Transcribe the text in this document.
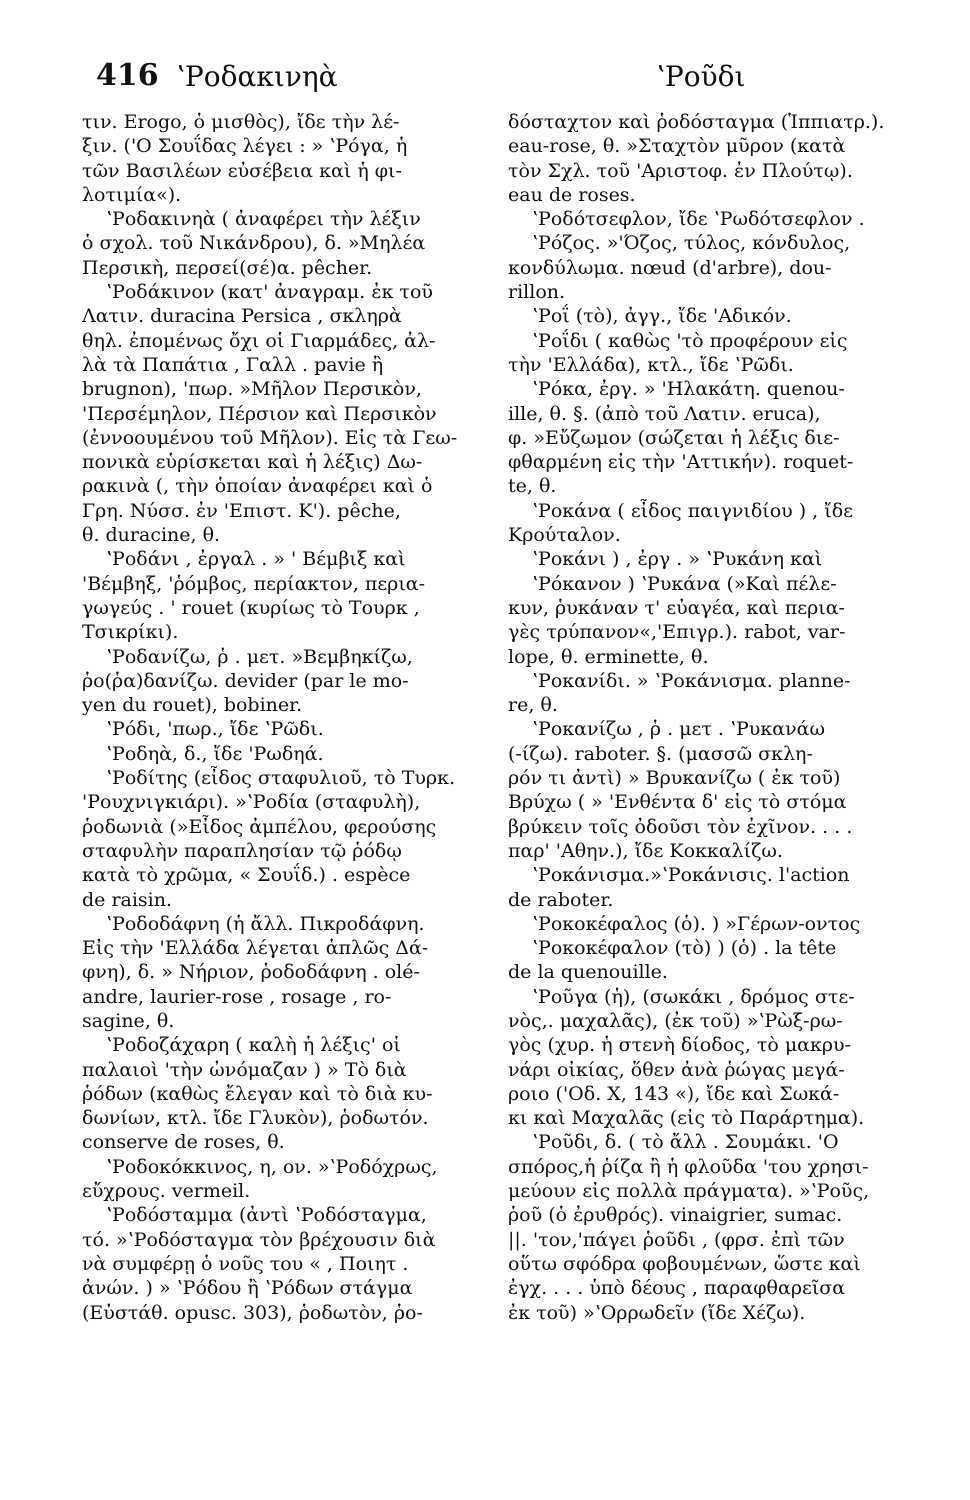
416 ʽΡοδακινηὰ	ʽΡοῦδι
τιν. Erogo, ὁ μισθὸς), ἴδε τὴν λέ-
ξιν. ('Ο Σουΐδας λέγει : » ʽΡόγα, ἡ
τῶν Βασιλέων εὐσέβεια καὶ ἡ φι-
λοτιμία«).
ʽΡοδακινηὰ ( ἀναφέρει τὴν λέξιν
ὁ σχολ. τοῦ Νικάνδρου), δ. »Μηλέα
Περσικὴ, περσεί(σέ)α. pêcher.
ʽΡοδάκινον (κατ' ἀναγραμ. ἐκ τοῦ
Λατιν. duracina Persica , σκληρὰ
θηλ. ἐπομένως ὄχι οἱ Γιαρμάδες, ἀλ-
λὰ τὰ Παπάτια , Γαλλ . pavie ἢ
brugnon), 'πωρ. »Μῆλον Περσικὸν,
'Περσέμηλον, Πέρσιον καὶ Περσικὸν
(ἐννοουμένου τοῦ Μῆλον). Εἰς τὰ Γεω-
πονικὰ εὑρίσκεται καὶ ἡ λέξις) Δω-
ρακινὰ (, τὴν ὁποίαν ἀναφέρει καὶ ὁ
Γρη. Νύσσ. ἐν 'Επιστ. Κ'). pêche,
θ. duracine, θ.
ʽΡοδάνι , ἐργαλ . » ' Βέμβιξ καὶ
'Βέμβηξ, 'ῥόμβος, περίακτον, περια-
γωγεύς . ' rouet (κυρίως τὸ Τουρκ ,
Τσικρίκι).
ʽΡοδανίζω, ῥ . μετ. »Βεμβηκίζω,
ῥο(ῥα)δανίζω. devider (par le mo-
yen du rouet), bobiner.
ʽΡόδι, 'πωρ., ἴδε ʽΡῶδι.
ʽΡοδηὰ, δ., ἴδε 'Ρωδηά.
ʽΡοδίτης (εἶδος σταφυλιοῦ, τὸ Τυρκ.
'Ρουχνιγκιάρι). »ʽΡοδία (σταφυλὴ),
ῥοδωνιὰ (»Εἶδος ἀμπέλου, φερούσης
σταφυλὴν παραπλησίαν τῷ ῥόδῳ
κατὰ τὸ χρῶμα, « Σουΐδ.) . espèce
de raisin.
ʽΡοδοδάφνη (ἡ ἄλλ. Πικροδάφνη.
Εἰς τὴν 'Ελλάδα λέγεται ἁπλῶς Δά-
φνη), δ. » Νήριον, ῥοδοδάφνη . olé-
andre, laurier-rose , rosage , ro-
sagine, θ.
ʽΡοδοζάχαρη ( καλὴ ἡ λέξις' οἱ
παλαιοὶ 'τὴν ὠνόμαζαν ) » Τὸ διὰ
ῥόδων (καθὼς ἔλεγαν καὶ τὸ διὰ κυ-
δωνίων, κτλ. ἴδε Γλυκὸν), ῥοδωτόν.
conserve de roses, θ.
ʽΡοδοκόκκινος, η, ον. »ʽΡοδόχρως,
εὔχρους. vermeil.
ʽΡοδόσταμμα (ἀντὶ ʽΡοδόσταγμα,
τό. »ʽΡοδόσταγμα τὸν βρέχουσιν διὰ
νὰ συμφέρῃ ὁ νοῦς του « , Ποιητ .
ἀνών. ) » ʽΡόδου ἢ ʽΡόδων στάγμα
(Εὐστάθ. opusc. 303), ῥοδωτὸν, ῥο-
δόσταχτον καὶ ῥοδόσταγμα (Ἱππιατρ.).
eau-rose, θ. »Σταχτὸν μῦρον (κατὰ
τὸν Σχλ. τοῦ 'Αριστοφ. ἐν Πλούτῳ).
eau de roses.
ʽΡοδότσεφλον, ἴδε ʽΡωδότσεφλον .
ʽΡόζος. »'Όζος, τύλος, κόνδυλος,
κονδύλωμα. nœud (d'arbre), dou-
rillon.
ʽΡοΐ (τὸ), ἀγγ., ἴδε 'Αδικόν.
ʽΡοΐδι ( καθὼς 'τὸ προφέρουν εἰς
τὴν 'Ελλάδα), κτλ., ἴδε ʽΡῶδι.
ʽΡόκα, ἐργ. » 'Ηλακάτη. quenou-
ille, θ. §. (ἀπὸ τοῦ Λατιν. eruca),
φ. »Εὔζωμον (σώζεται ἡ λέξις διε-
φθαρμένη εἰς τὴν 'Αττικήν). roquet-
te, θ.
ʽΡοκάνα ( εἶδος παιγνιδίου ) , ἴδε
Κρούταλον.
ʽΡοκάνι ) , ἐργ . » ʽΡυκάνη καὶ
ʽΡόκανον ) ʽΡυκάνα (»Καὶ πέλε-
κυν, ῥυκάναν τ' εὐαγέα, καὶ περια-
γὲς τρύπανον«,'Επιγρ.). rabot, var-
lope, θ. erminette, θ.
ʽΡοκανίδι. » ʽΡοκάνισμα. planne-
re, θ.
ʽΡοκανίζω , ῥ . μετ . ʽΡυκανάω
(-ίζω). raboter. §. (μασσῶ σκλη-
ρόν τι ἀντὶ) » Βρυκανίζω ( ἐκ τοῦ)
Βρύχω ( » 'Ενθέντα δ' εἰς τὸ στόμα
βρύκειν τοῖς ὀδοῦσι τὸν ἐχῖνον. . . .
παρ' 'Αθην.), ἴδε Κοκκαλίζω.
ʽΡοκάνισμα.»ʽΡοκάνισις. l'action
de raboter.
ʽΡοκοκέφαλος (ὁ). ) »Γέρων-οντος
ʽΡοκοκέφαλον (τὸ) ) (ὁ) . la tête
de la quenouille.
ʽΡοῦγα (ἡ), (σωκάκι , δρόμος στε-
νὸς,. μαχαλᾶς), (ἐκ τοῦ) »ʽΡὼξ-ρω-
γὸς (χυρ. ἡ στενὴ δίοδος, τὸ μακρυ-
νάρι οἰκίας, ὅθεν ἀνὰ ῥώγας μεγά-
ροιο ('Οδ. Χ, 143 «), ἴδε καὶ Σωκά-
κι καὶ Μαχαλᾶς (εἰς τὸ Παράρτημα).
ʽΡοῦδι, δ. ( τὸ ἄλλ . Σουμάκι. 'Ο
σπόρος,ἡ ῥίζα ἢ ἡ φλοῦδα 'του χρησι-
μεύουν εἰς πολλὰ πράγματα). »ʽΡοῦς,
ῥοῦ (ὁ ἐρυθρός). vinaigrier, sumac.
||. 'τον,'πάγει ῥοῦδι , (φρσ. ἐπὶ τῶν
οὕτω σφόδρα φοβουμένων, ὥστε καὶ
ἐγχ. . . . ὑπὸ δέους , παραφθαρεῖσα
ἐκ τοῦ) »ʽΟρρωδεῖν (ἴδε Χέζω).
